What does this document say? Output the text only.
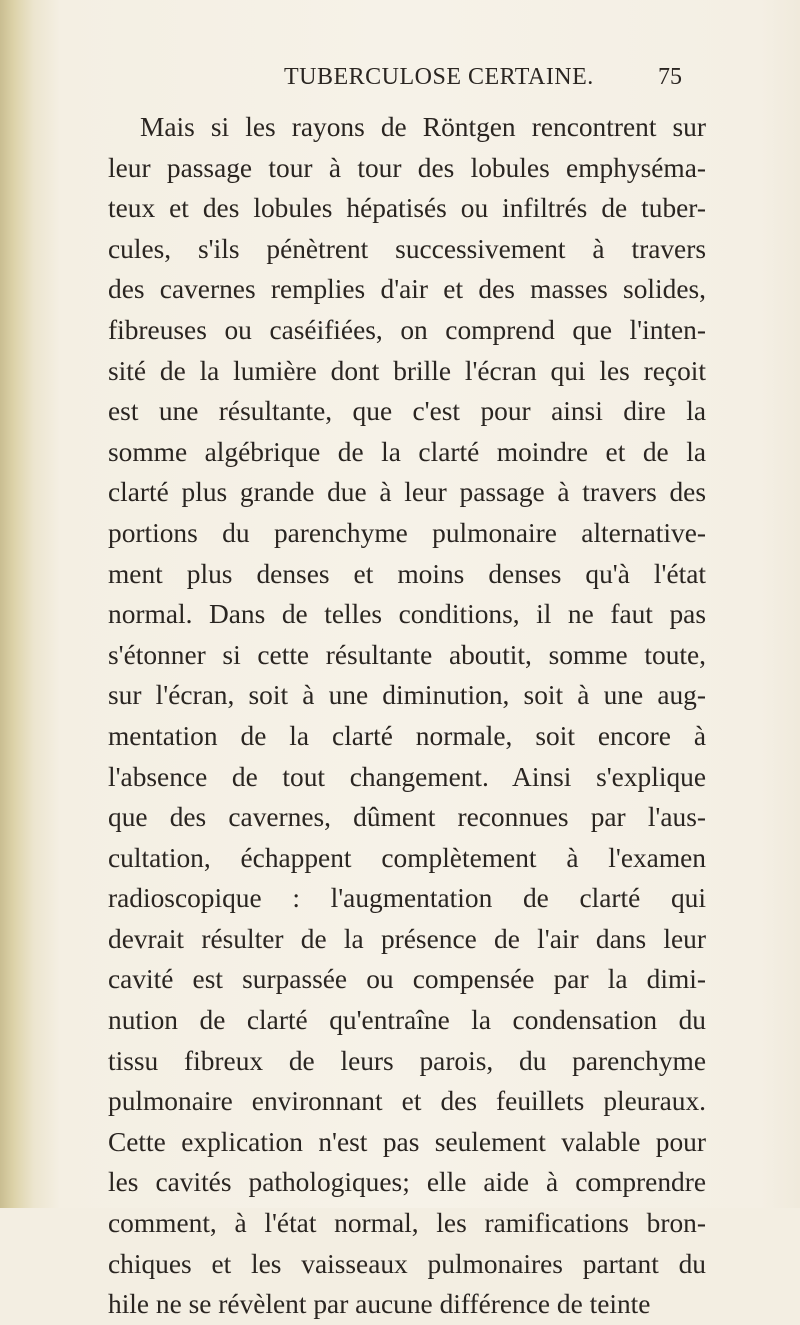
TUBERCULOSE CERTAINE.	75
Mais si les rayons de Röntgen rencontrent sur
leur passage tour à tour des lobules emphyséma-
teux et des lobules hépatisés ou infiltrés de tuber-
cules, s'ils pénètrent successivement à travers
des cavernes remplies d'air et des masses solides,
fibreuses ou caséifiées, on comprend que l'inten-
sité de la lumière dont brille l'écran qui les reçoit
est une résultante, que c'est pour ainsi dire la
somme algébrique de la clarté moindre et de la
clarté plus grande due à leur passage à travers des
portions du parenchyme pulmonaire alternative-
ment plus denses et moins denses qu'à l'état
normal. Dans de telles conditions, il ne faut pas
s'étonner si cette résultante aboutit, somme toute,
sur l'écran, soit à une diminution, soit à une aug-
mentation de la clarté normale, soit encore à
l'absence de tout changement. Ainsi s'explique
que des cavernes, dûment reconnues par l'aus-
cultation, échappent complètement à l'examen
radioscopique : l'augmentation de clarté qui
devrait résulter de la présence de l'air dans leur
cavité est surpassée ou compensée par la dimi-
nution de clarté qu'entraîne la condensation du
tissu fibreux de leurs parois, du parenchyme
pulmonaire environnant et des feuillets pleuraux.
Cette explication n'est pas seulement valable pour
les cavités pathologiques; elle aide à comprendre
comment, à l'état normal, les ramifications bron-
chiques et les vaisseaux pulmonaires partant du
hile ne se révèlent par aucune différence de teinte
